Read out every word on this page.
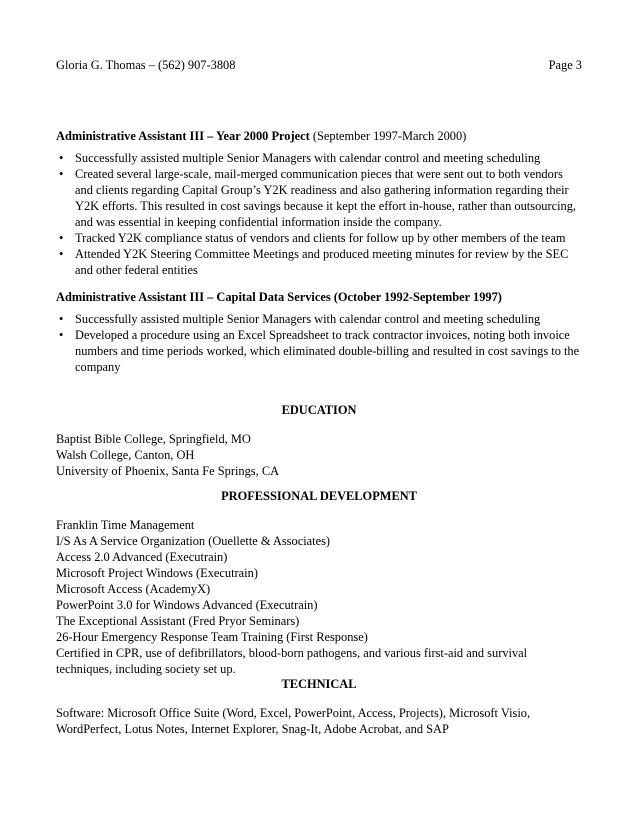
Gloria G. Thomas – (562) 907-3808	Page 3
Administrative Assistant III – Year 2000 Project (September 1997-March 2000)
• Successfully assisted multiple Senior Managers with calendar control and meeting scheduling
• Created several large-scale, mail-merged communication pieces that were sent out to both vendors and clients regarding Capital Group’s Y2K readiness and also gathering information regarding their Y2K efforts. This resulted in cost savings because it kept the effort in-house, rather than outsourcing, and was essential in keeping confidential information inside the company.
• Tracked Y2K compliance status of vendors and clients for follow up by other members of the team
• Attended Y2K Steering Committee Meetings and produced meeting minutes for review by the SEC and other federal entities
Administrative Assistant III – Capital Data Services (October 1992-September 1997)
• Successfully assisted multiple Senior Managers with calendar control and meeting scheduling
• Developed a procedure using an Excel Spreadsheet to track contractor invoices, noting both invoice numbers and time periods worked, which eliminated double-billing and resulted in cost savings to the company
EDUCATION
Baptist Bible College, Springfield, MO
Walsh College, Canton, OH
University of Phoenix, Santa Fe Springs, CA
PROFESSIONAL DEVELOPMENT
Franklin Time Management
I/S As A Service Organization (Ouellette & Associates)
Access 2.0 Advanced (Executrain)
Microsoft Project Windows (Executrain)
Microsoft Access (AcademyX)
PowerPoint 3.0 for Windows Advanced (Executrain)
The Exceptional Assistant (Fred Pryor Seminars)
26-Hour Emergency Response Team Training (First Response)
Certified in CPR, use of defibrillators, blood-born pathogens, and various first-aid and survival techniques, including society set up.
TECHNICAL
Software: Microsoft Office Suite (Word, Excel, PowerPoint, Access, Projects), Microsoft Visio, WordPerfect, Lotus Notes, Internet Explorer, Snag-It, Adobe Acrobat, and SAP
